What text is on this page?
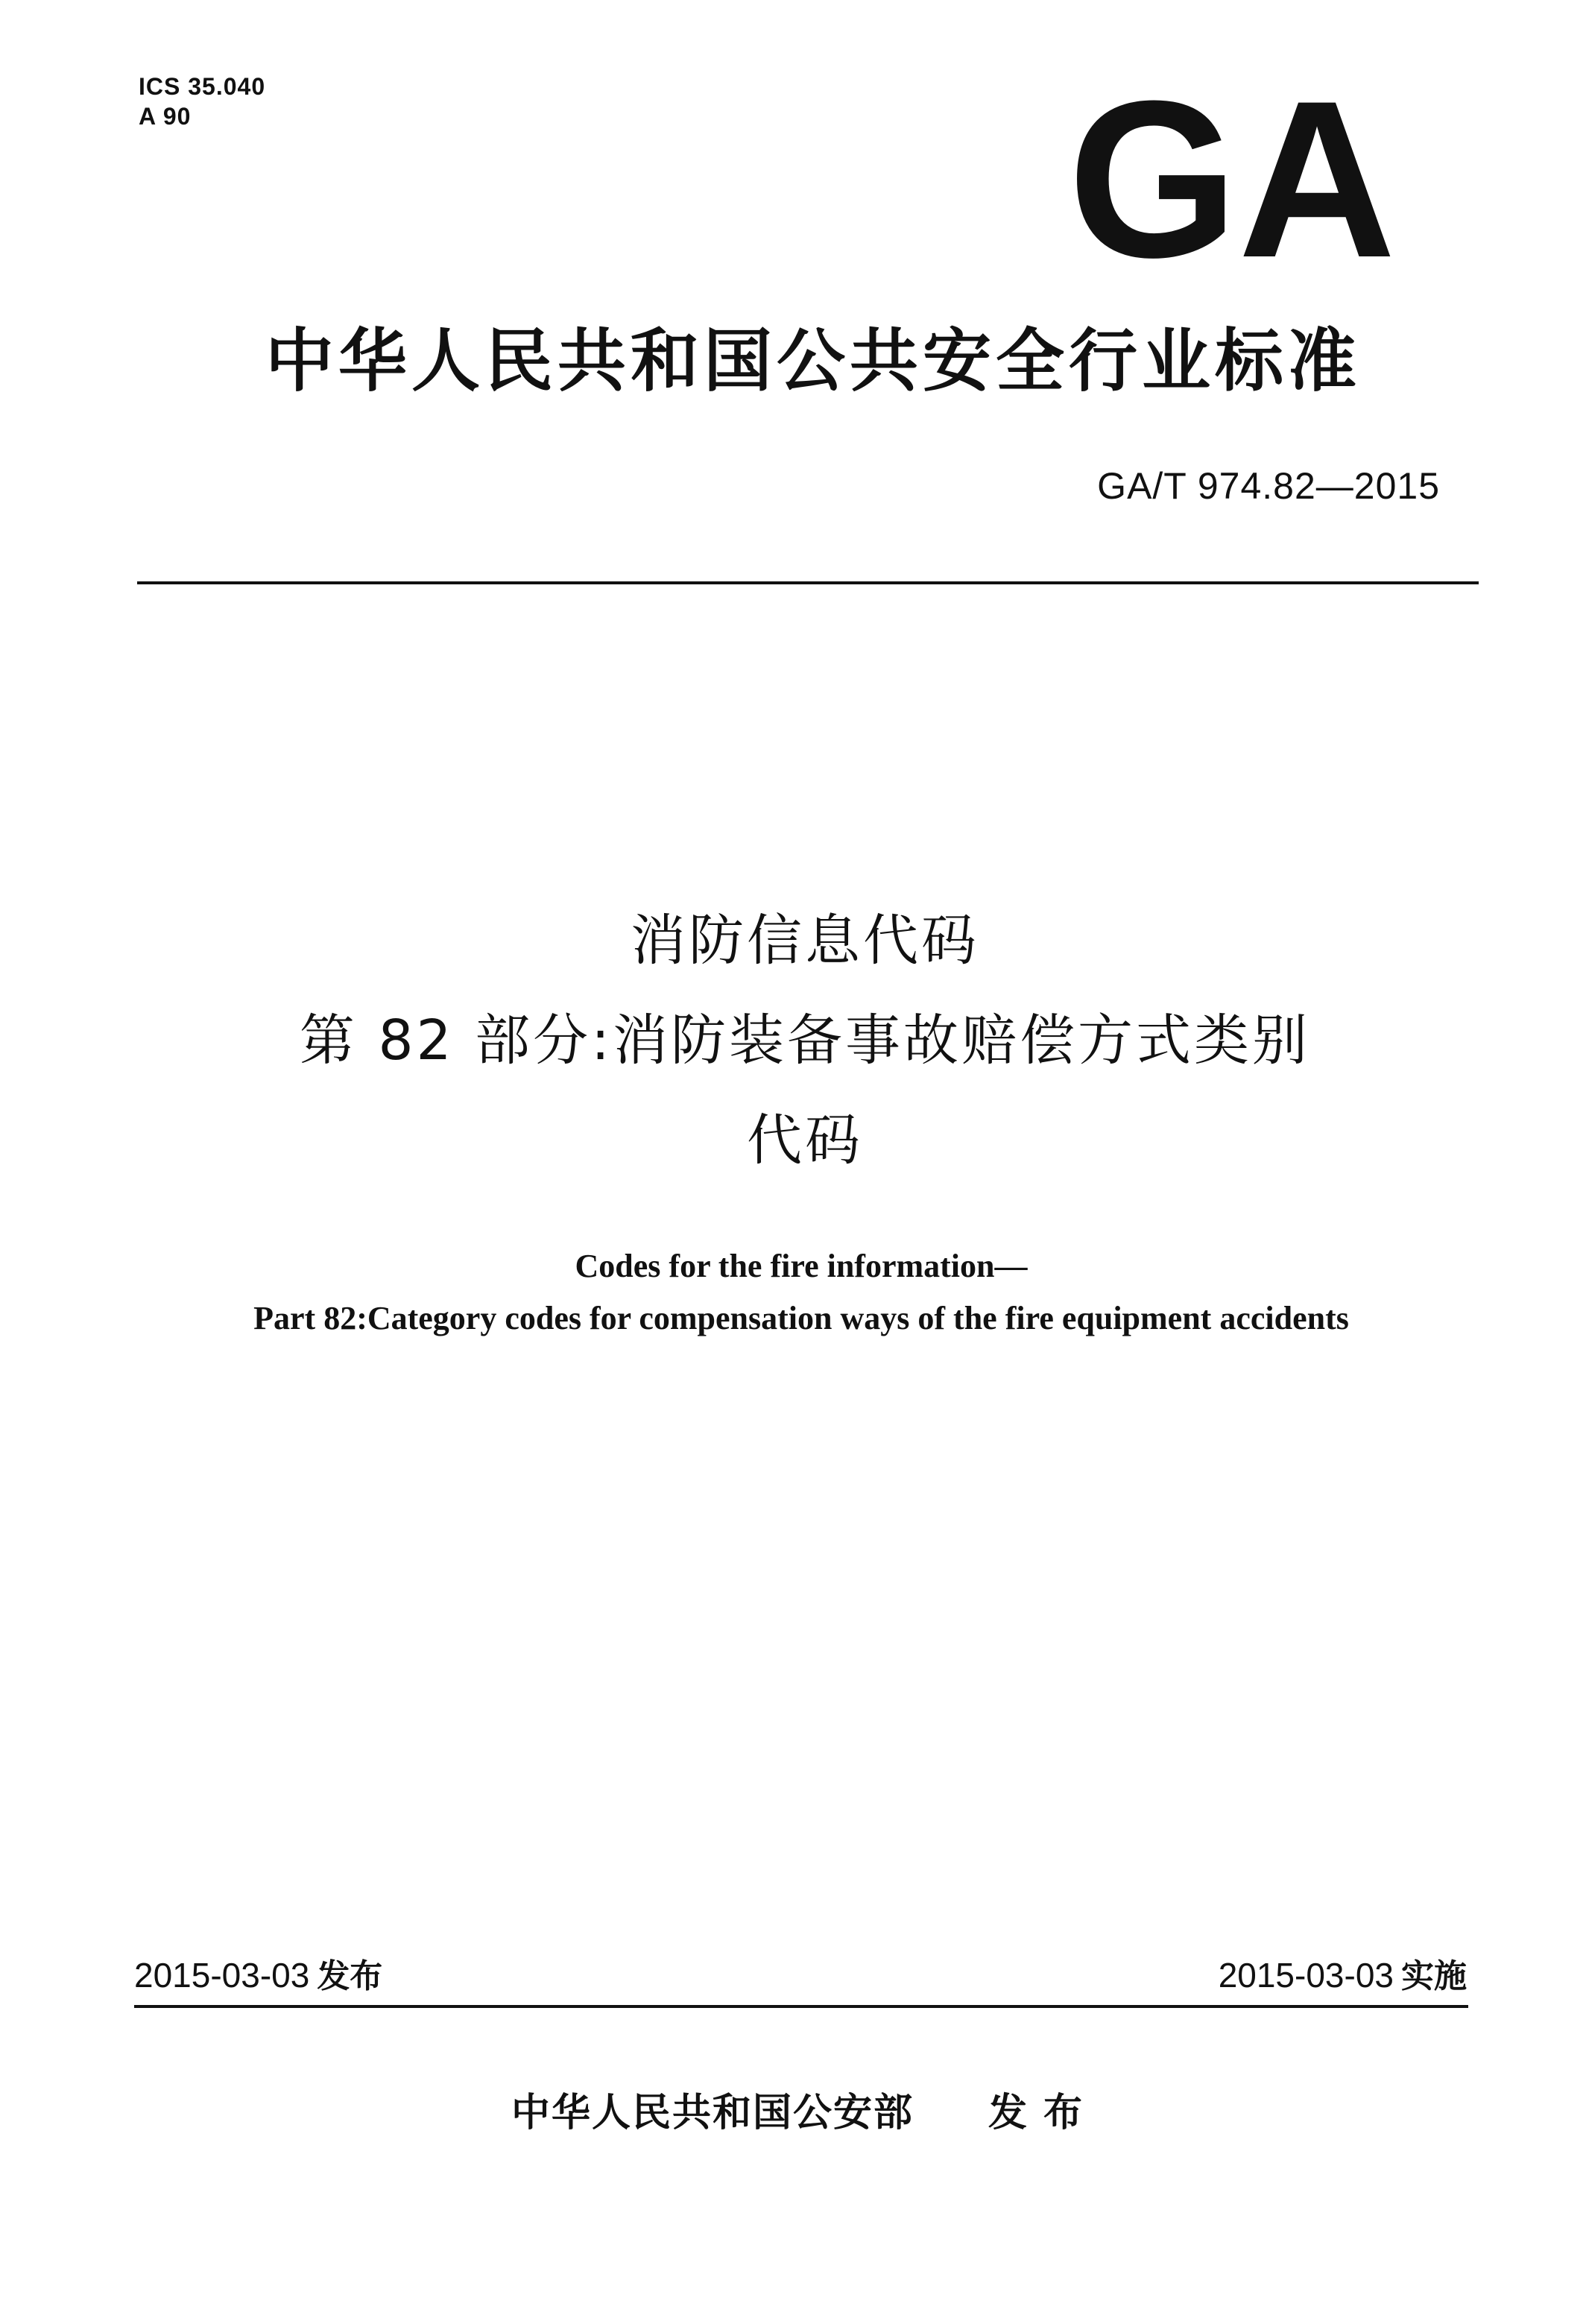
ICS 35.040
A 90	GA
中华人民共和国公共安全行业标准
GA/T 974.82—2015
消防信息代码
第 82 部分:消防装备事故赔偿方式类别
代码
Codes for the fire information—
Part 82:Category codes for compensation ways of the fire equipment accidents
2015-03-03 发布	2015-03-03 实施
中华人民共和国公安部 发布
